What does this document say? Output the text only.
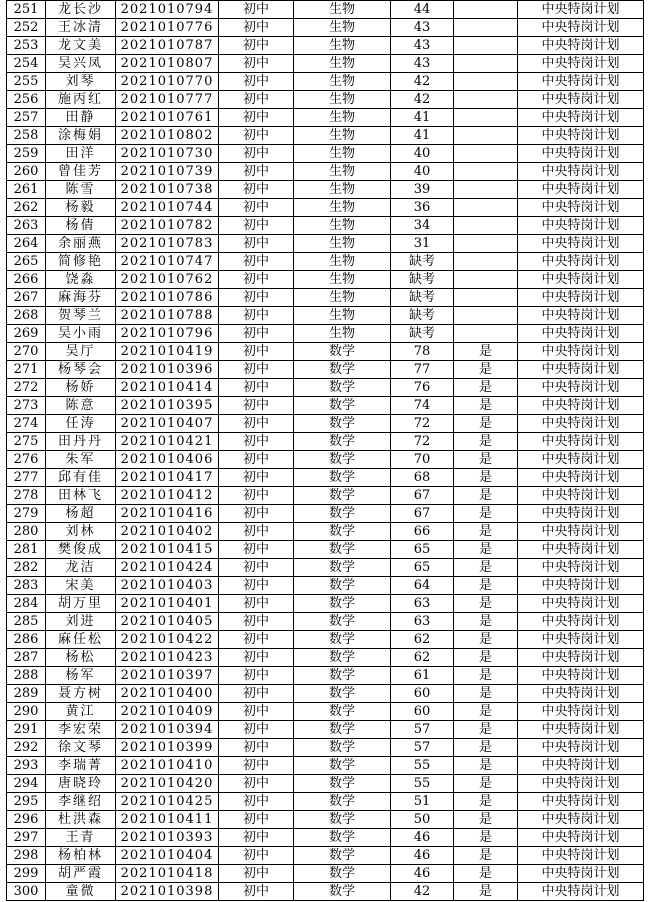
251	龙长沙	2021010794	初中	生物	44		中央特岗计划
252	王冰清	2021010776	初中	生物	43		中央特岗计划
253	龙文美	2021010787	初中	生物	43		中央特岗计划
254	吴兴凤	2021010807	初中	生物	43		中央特岗计划
255	刘琴	2021010770	初中	生物	42		中央特岗计划
256	施丙红	2021010777	初中	生物	42		中央特岗计划
257	田静	2021010761	初中	生物	41		中央特岗计划
258	涂梅娟	2021010802	初中	生物	41		中央特岗计划
259	田洋	2021010730	初中	生物	40		中央特岗计划
260	曾佳芳	2021010739	初中	生物	40		中央特岗计划
261	陈雪	2021010738	初中	生物	39		中央特岗计划
262	杨毅	2021010744	初中	生物	36		中央特岗计划
263	杨倩	2021010782	初中	生物	34		中央特岗计划
264	余丽燕	2021010783	初中	生物	31		中央特岗计划
265	简修艳	2021010747	初中	生物	缺考		中央特岗计划
266	饶淼	2021010762	初中	生物	缺考		中央特岗计划
267	麻海芬	2021010786	初中	生物	缺考		中央特岗计划
268	贺琴兰	2021010788	初中	生物	缺考		中央特岗计划
269	吴小雨	2021010796	初中	生物	缺考		中央特岗计划
270	吴厅	2021010419	初中	数学	78	是	中央特岗计划
271	杨琴会	2021010396	初中	数学	77	是	中央特岗计划
272	杨娇	2021010414	初中	数学	76	是	中央特岗计划
273	陈意	2021010395	初中	数学	74	是	中央特岗计划
274	任涛	2021010407	初中	数学	72	是	中央特岗计划
275	田丹丹	2021010421	初中	数学	72	是	中央特岗计划
276	朱军	2021010406	初中	数学	70	是	中央特岗计划
277	邱有佳	2021010417	初中	数学	68	是	中央特岗计划
278	田林飞	2021010412	初中	数学	67	是	中央特岗计划
279	杨超	2021010416	初中	数学	67	是	中央特岗计划
280	刘林	2021010402	初中	数学	66	是	中央特岗计划
281	樊俊成	2021010415	初中	数学	65	是	中央特岗计划
282	龙洁	2021010424	初中	数学	65	是	中央特岗计划
283	宋美	2021010403	初中	数学	64	是	中央特岗计划
284	胡万里	2021010401	初中	数学	63	是	中央特岗计划
285	刘进	2021010405	初中	数学	63	是	中央特岗计划
286	麻任松	2021010422	初中	数学	62	是	中央特岗计划
287	杨松	2021010423	初中	数学	62	是	中央特岗计划
288	杨军	2021010397	初中	数学	61	是	中央特岗计划
289	聂方树	2021010400	初中	数学	60	是	中央特岗计划
290	黄江	2021010409	初中	数学	60	是	中央特岗计划
291	李宏荣	2021010394	初中	数学	57	是	中央特岗计划
292	徐文琴	2021010399	初中	数学	57	是	中央特岗计划
293	李瑞菁	2021010410	初中	数学	55	是	中央特岗计划
294	唐晓玲	2021010420	初中	数学	55	是	中央特岗计划
295	李继绍	2021010425	初中	数学	51	是	中央特岗计划
296	杜洪森	2021010411	初中	数学	50	是	中央特岗计划
297	王青	2021010393	初中	数学	46	是	中央特岗计划
298	杨柏林	2021010404	初中	数学	46	是	中央特岗计划
299	胡严霞	2021010418	初中	数学	46	是	中央特岗计划
300	童微	2021010398	初中	数学	42	是	中央特岗计划
